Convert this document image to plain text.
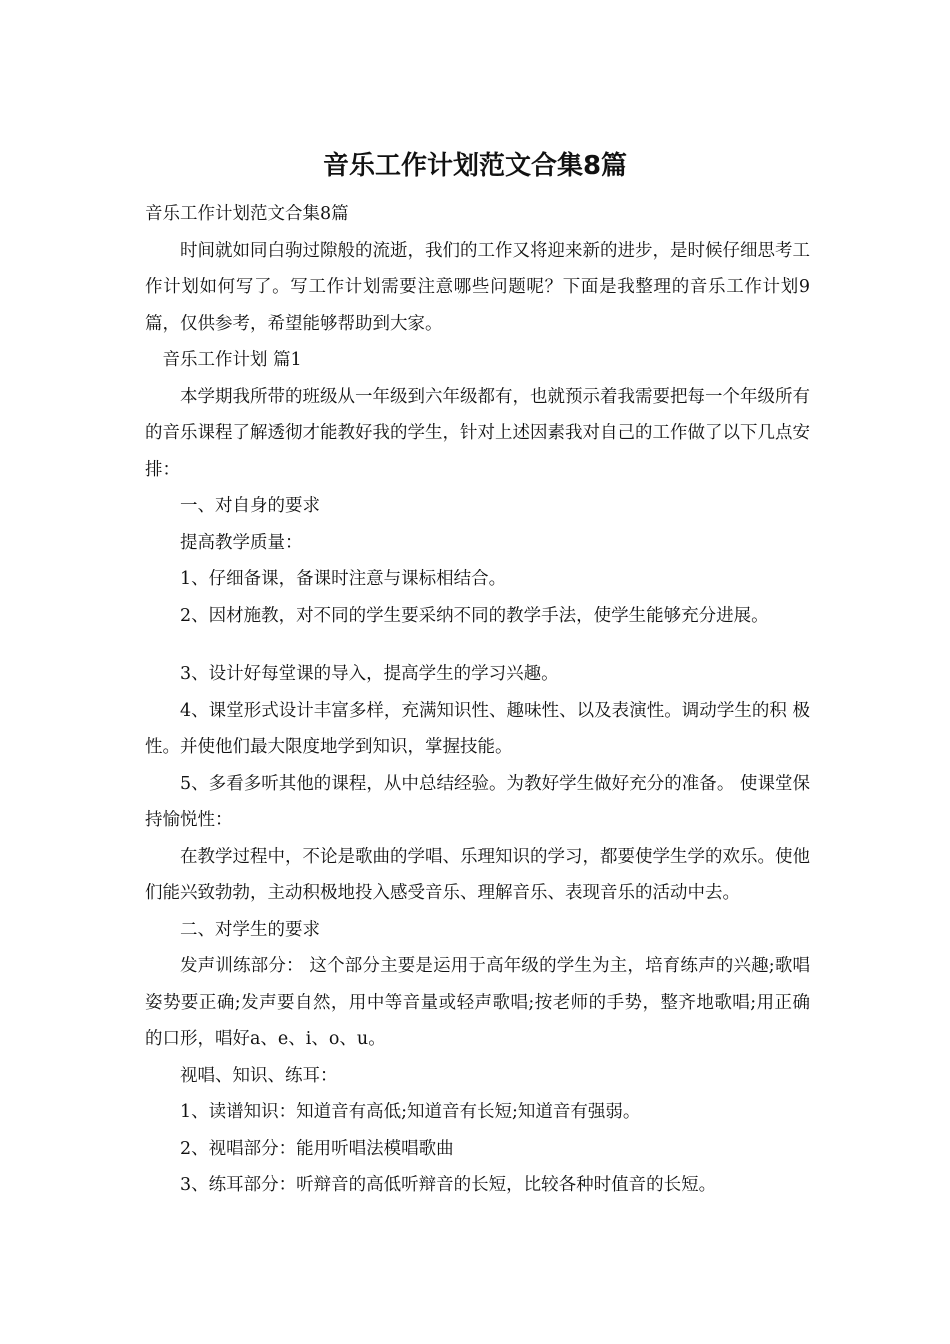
音乐工作计划范文合集8篇

音乐工作计划范文合集8篇

时间就如同白驹过隙般的流逝，我们的工作又将迎来新的进步，是时候仔细思考工作计划如何写了。写工作计划需要注意哪些问题呢？下面是我整理的音乐工作计划9篇，仅供参考，希望能够帮助到大家。

音乐工作计划 篇1

本学期我所带的班级从一年级到六年级都有，也就预示着我需要把每一个年级所有的音乐课程了解透彻才能教好我的学生，针对上述因素我对自己的工作做了以下几点安排：

一、对自身的要求

提高教学质量：

1、仔细备课，备课时注意与课标相结合。

2、因材施教，对不同的学生要采纳不同的教学手法，使学生能够充分进展。

3、设计好每堂课的导入，提高学生的学习兴趣。

4、课堂形式设计丰富多样，充满知识性、趣味性、以及表演性。调动学生的积 极性。并使他们最大限度地学到知识，掌握技能。

5、多看多听其他的课程，从中总结经验。为教好学生做好充分的准备。 使课堂保持愉悦性：

在教学过程中，不论是歌曲的学唱、乐理知识的学习，都要使学生学的欢乐。使他们能兴致勃勃，主动积极地投入感受音乐、理解音乐、表现音乐的活动中去。

二、对学生的要求

发声训练部分： 这个部分主要是运用于高年级的学生为主，培育练声的兴趣;歌唱姿势要正确;发声要自然，用中等音量或轻声歌唱;按老师的手势，整齐地歌唱;用正确的口形，唱好a、e、i、o、u。

视唱、知识、练耳：

1、读谱知识：知道音有高低;知道音有长短;知道音有强弱。

2、视唱部分：能用听唱法模唱歌曲

3、练耳部分：听辩音的高低听辩音的长短，比较各种时值音的长短。
